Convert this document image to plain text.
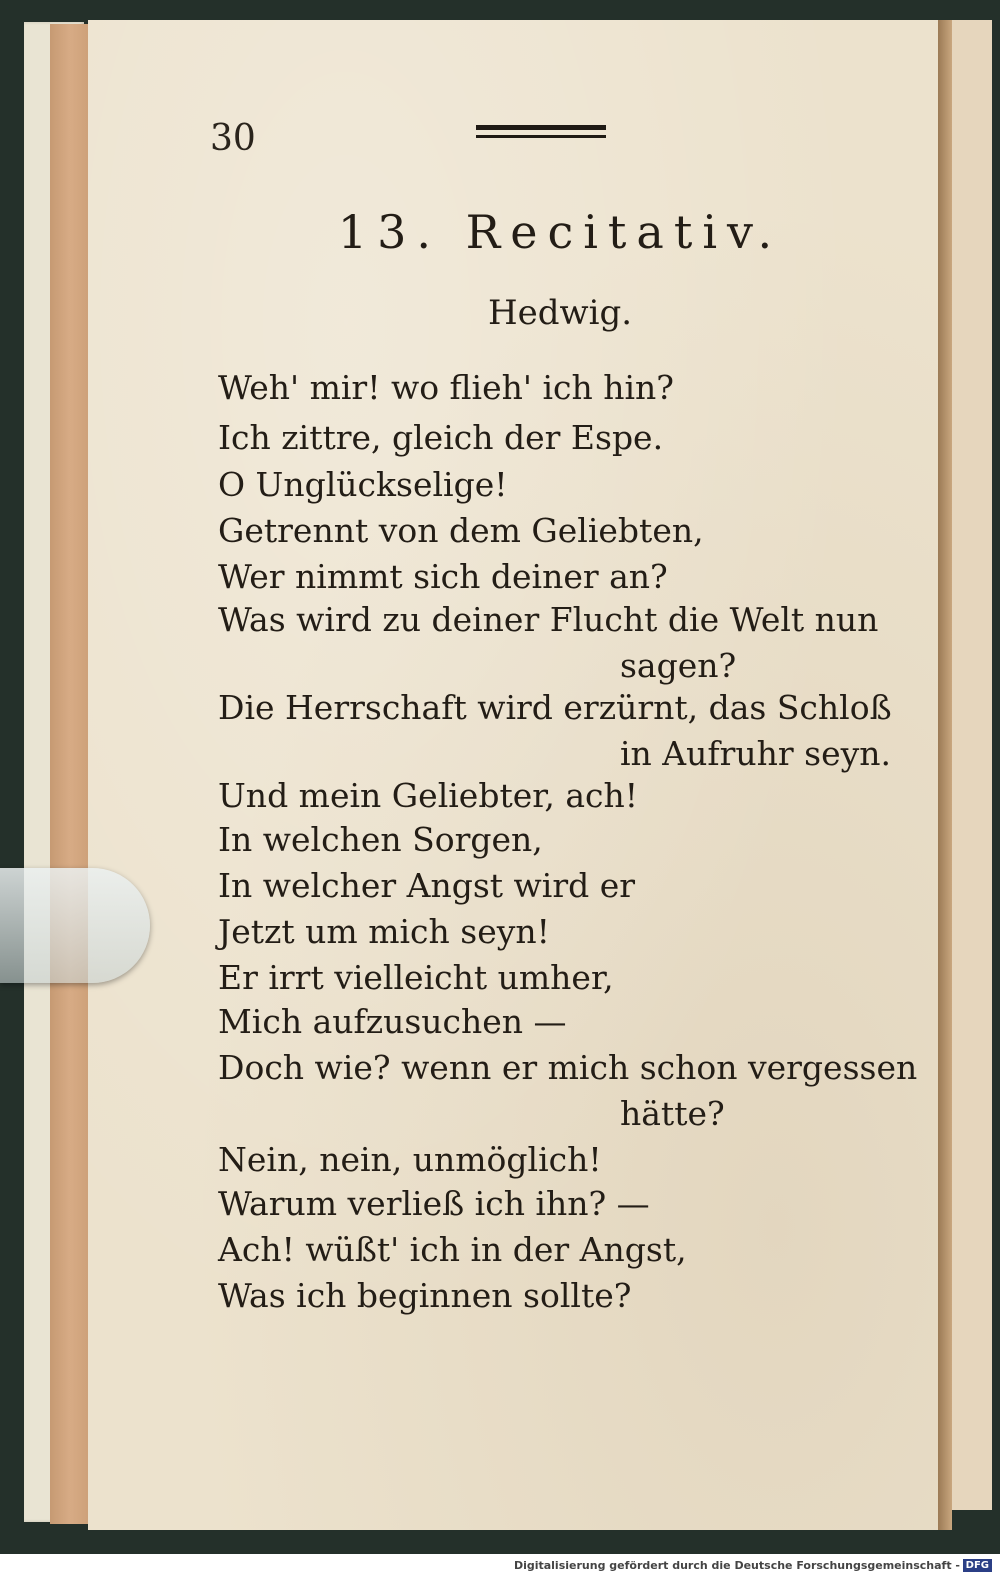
30
13. Recitativ.
Hedwig.
Weh' mir! wo flieh' ich hin?
Ich zittre, gleich der Espe.
O Unglückselige!
Getrennt von dem Geliebten,
Wer nimmt sich deiner an?
Was wird zu deiner Flucht die Welt nun
sagen?
Die Herrschaft wird erzürnt, das Schloß
in Aufruhr seyn.
Und mein Geliebter, ach!
In welchen Sorgen,
In welcher Angst wird er
Jetzt um mich seyn!
Er irrt vielleicht umher,
Mich aufzusuchen —
Doch wie? wenn er mich schon vergessen
hätte?
Nein, nein, unmöglich!
Warum verließ ich ihn? —
Ach! wüßt' ich in der Angst,
Was ich beginnen sollte?
Digitalisierung gefördert durch die Deutsche Forschungsgemeinschaft - DFG
